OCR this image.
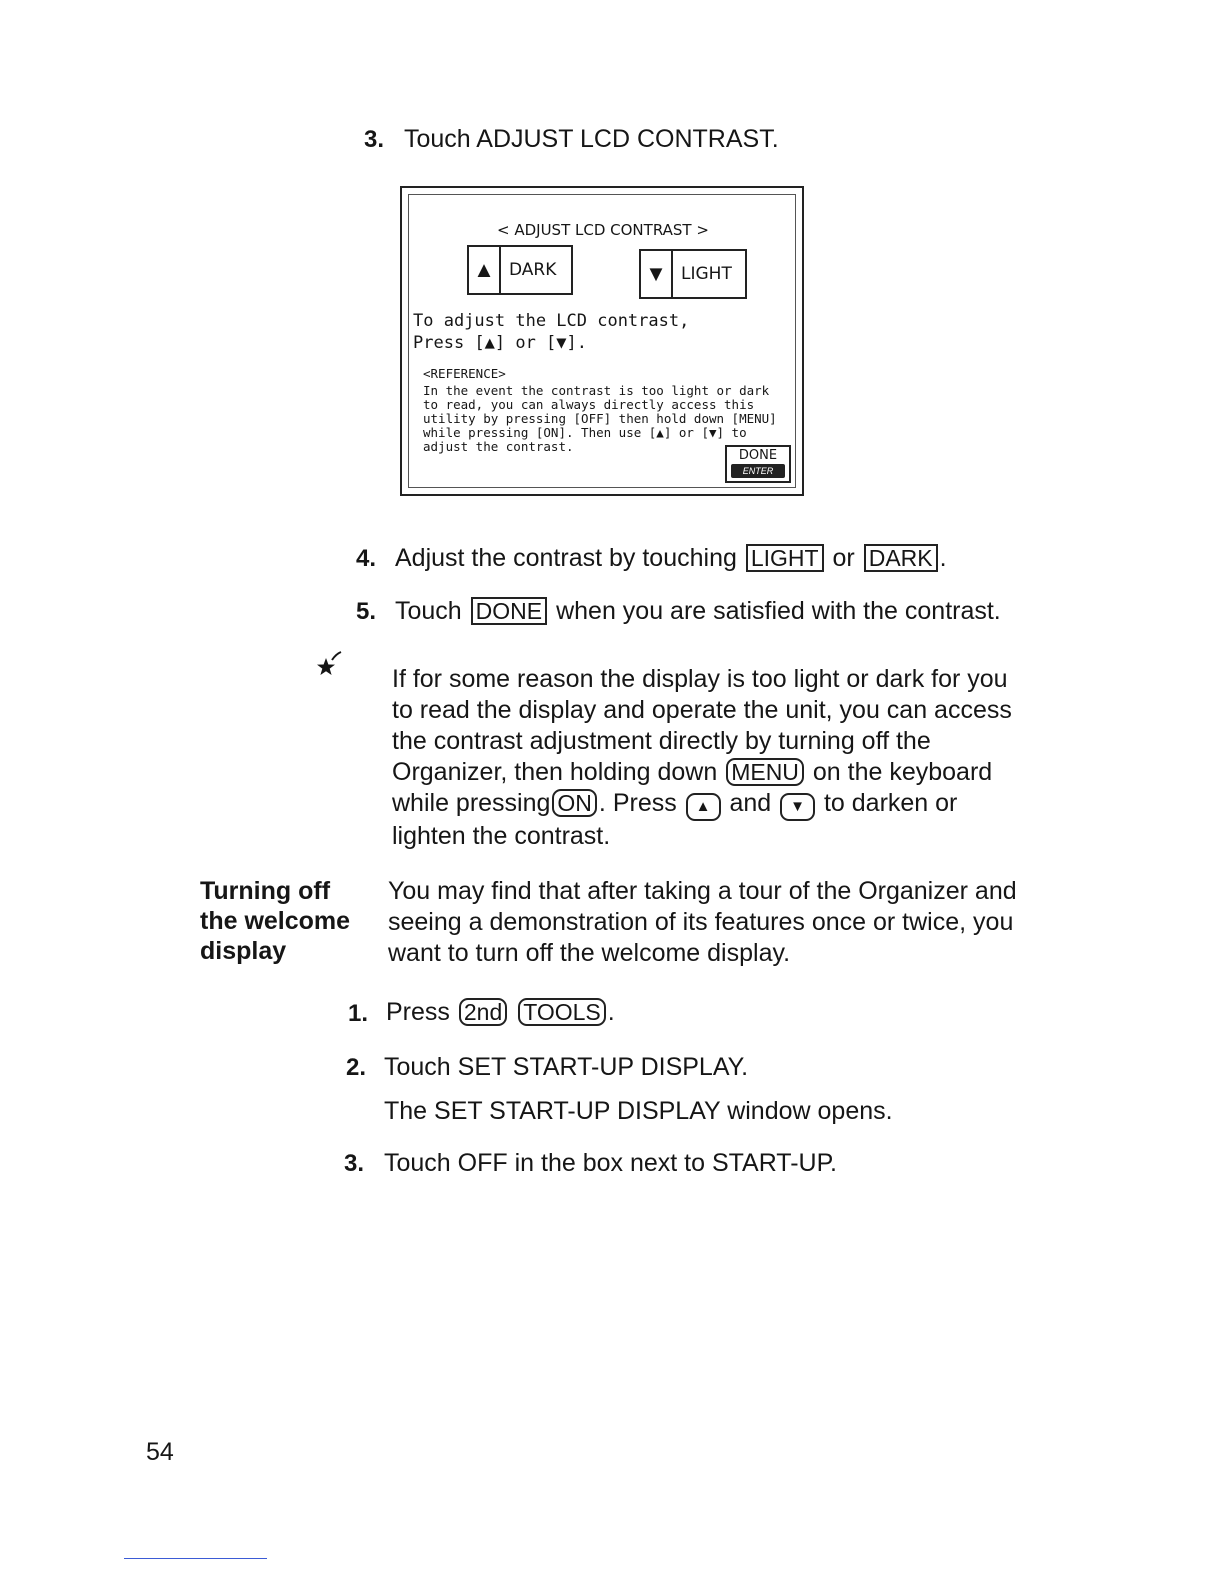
3. Touch ADJUST LCD CONTRAST.
< ADJUST LCD CONTRAST >
▲ DARK	▼ LIGHT
To adjust the LCD contrast,
Press [▲] or [▼].
<REFERENCE>
In the event the contrast is too light or dark
to read, you can always directly access this
utility by pressing [OFF] then hold down [MENU]
while pressing [ON]. Then use [▲] or [▼] to
adjust the contrast.
DONE
ENTER
4. Adjust the contrast by touching LIGHT or DARK .
5. Touch DONE when you are satisfied with the contrast.
If for some reason the display is too light or dark for you
to read the display and operate the unit, you can access
the contrast adjustment directly by turning off the
Organizer, then holding down MENU on the keyboard
while pressing ON . Press ▲ and ▼ to darken or
lighten the contrast.
Turning off
the welcome
display
You may find that after taking a tour of the Organizer and
seeing a demonstration of its features once or twice, you
want to turn off the welcome display.
1. Press 2nd TOOLS .
2. Touch SET START-UP DISPLAY.
The SET START-UP DISPLAY window opens.
3. Touch OFF in the box next to START-UP.
54
